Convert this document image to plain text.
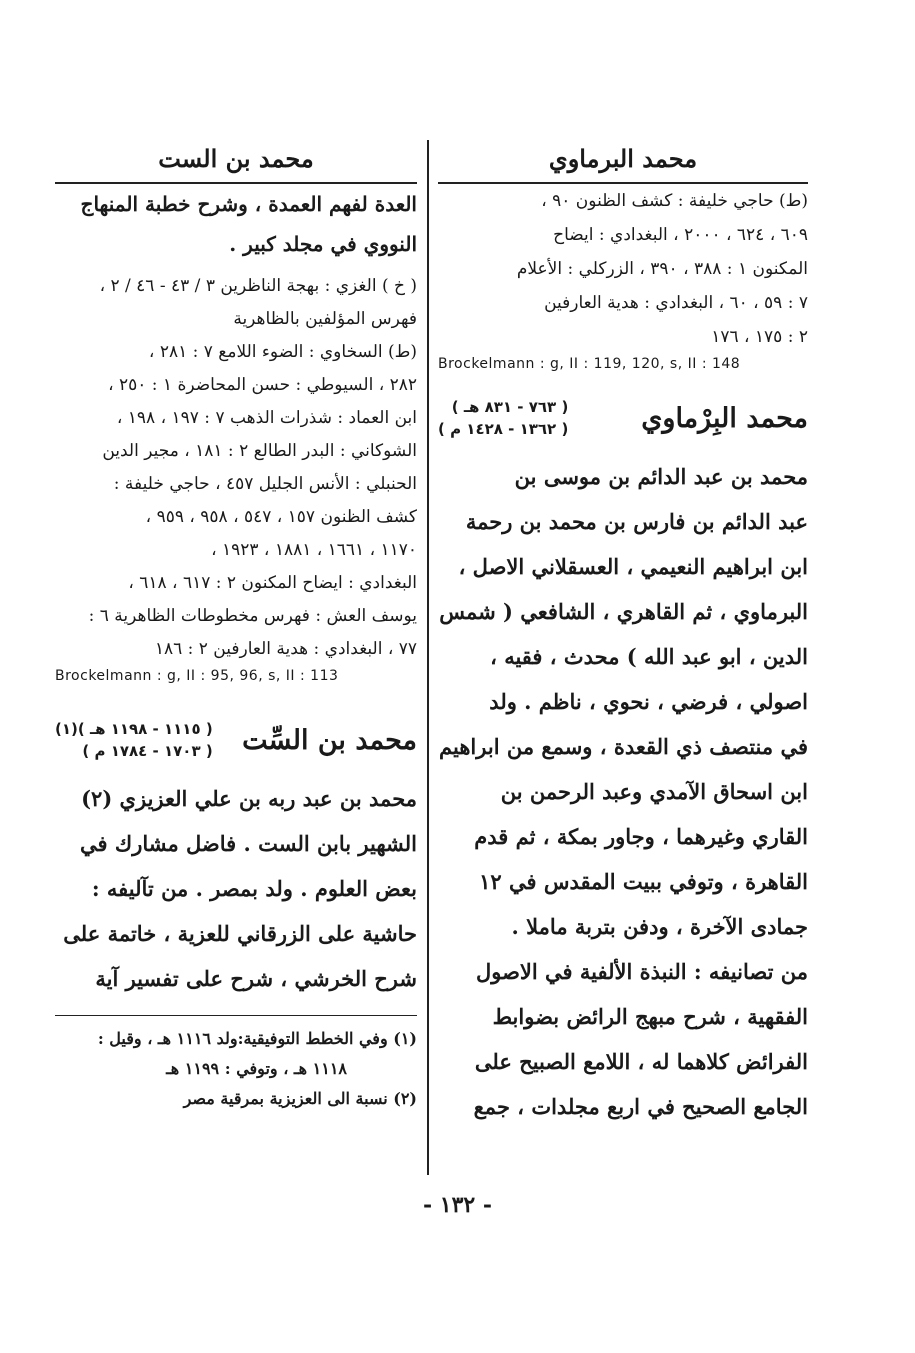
محمد البرماوي

(ط) حاجي خليفة : كشف الظنون ٩٠ ،

٦٠٩ ، ٦٢٤ ، ٢٠٠٠ ، البغدادي : ايضاح

المكنون ١ : ٣٨٨ ، ٣٩٠ ، الزركلي : الأعلام

٧ : ٥٩ ، ٦٠ ، البغدادي : هدية العارفين

٢ : ١٧٥ ، ١٧٦

Brockelmann : g, II : 119, 120, s, II : 148
محمد البِرْماوي
( ٧٦٣ - ٨٣١ هـ )
( ١٣٦٢ - ١٤٢٨ م )

محمد بن عبد الدائم بن موسى بن

عبد الدائم بن فارس بن محمد بن رحمة

ابن ابراهيم النعيمي ، العسقلاني الاصل ،

البرماوي ، ثم القاهري ، الشافعي ( شمس

الدين ، ابو عبد الله ) محدث ، فقيه ،

اصولي ، فرضي ، نحوي ، ناظم . ولد

في منتصف ذي القعدة ، وسمع من ابراهيم

ابن اسحاق الآمدي وعبد الرحمن بن

القاري وغيرهما ، وجاور بمكة ، ثم قدم

القاهرة ، وتوفي ببيت المقدس في ١٢

جمادى الآخرة ، ودفن بتربة ماملا .

من تصانيفه : النبذة الألفية في الاصول

الفقهية ، شرح مبهج الرائض بضوابط

الفرائض كلاهما له ، اللامع الصبيح على

الجامع الصحيح في اربع مجلدات ، جمع

محمد بن الست

العدة لفهم العمدة ، وشرح خطبة المنهاج

النووي في مجلد كبير .

( خ ) الغزي : بهجة الناظرين ٣ / ٤٣ - ٤٦ / ٢ ،

فهرس المؤلفين بالظاهرية

(ط) السخاوي : الضوء اللامع ٧ : ٢٨١ ،

٢٨٢ ، السيوطي : حسن المحاضرة ١ : ٢٥٠ ،

ابن العماد : شذرات الذهب ٧ : ١٩٧ ، ١٩٨ ،

الشوكاني : البدر الطالع ٢ : ١٨١ ، مجير الدين

الحنبلي : الأنس الجليل ٤٥٧ ، حاجي خليفة :

كشف الظنون ١٥٧ ، ٥٤٧ ، ٩٥٨ ، ٩٥٩ ،

١١٧٠ ، ١٦٦١ ، ١٨٨١ ، ١٩٢٣ ،

البغدادي : ايضاح المكنون ٢ : ٦١٧ ، ٦١٨ ،

يوسف العش : فهرس مخطوطات الظاهرية ٦ :

٧٧ ، البغدادي : هدية العارفين ٢ : ١٨٦

Brockelmann : g, II : 95, 96, s, II : 113
محمد بن السِّت
( ١١١٥ - ١١٩٨ هـ )(١)
( ١٧٠٣ - ١٧٨٤ م )

محمد بن عبد ربه بن علي العزيزي (٢)

الشهير بابن الست . فاضل مشارك في

بعض العلوم . ولد بمصر . من تآليفه :

حاشية على الزرقاني للعزية ، خاتمة على

شرح الخرشي ، شرح على تفسير آية

(١) وفي الخطط التوفيقية:ولد ١١١٦ هـ ، وقيل :

١١١٨ هـ ، وتوفي : ١١٩٩ هـ

(٢) نسبة الى العزيزية بمرقية مصر

- ١٣٢ -
